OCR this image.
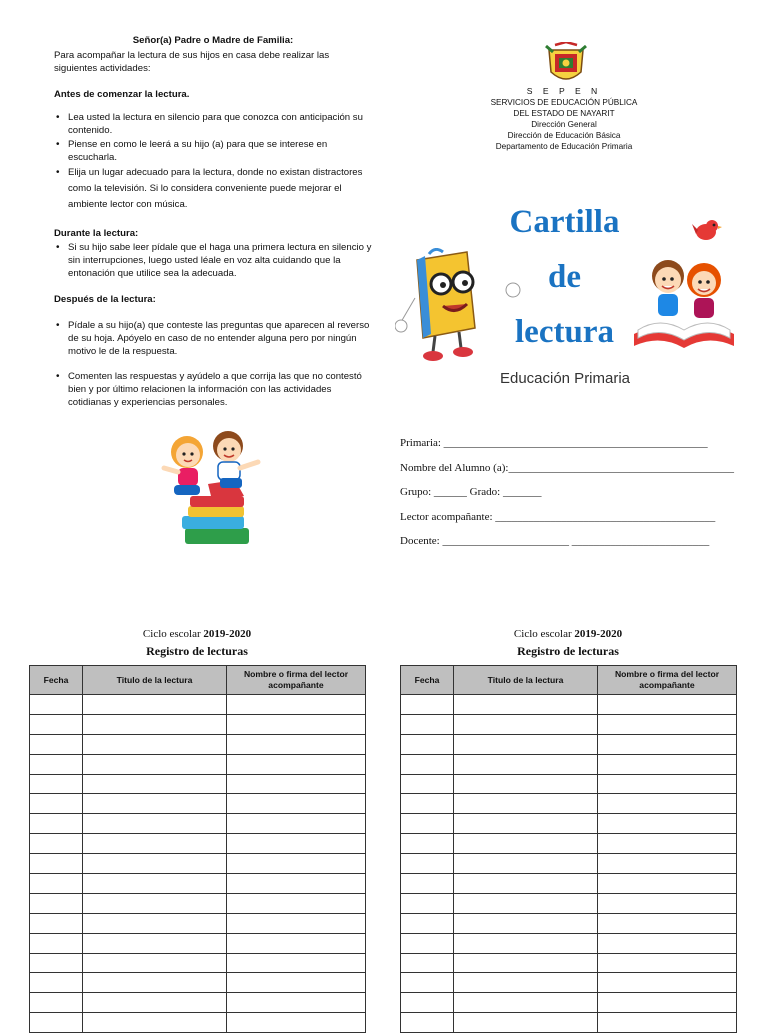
Señor(a) Padre o Madre de Familia:

Para acompañar la lectura de sus hijos en casa debe realizar las siguientes actividades:

Antes de comenzar la lectura.

• Lea usted la lectura en silencio para que conozca con anticipación su contenido.
• Piense en como le leerá a su hijo (a) para que se interese en escucharla.
• Elija un lugar adecuado para la lectura, donde no existan distractores como la televisión. Si lo considera conveniente puede mejorar el ambiente lector con música.

Durante la lectura:

• Si su hijo sabe leer pídale que el haga una primera lectura en silencio y sin interrupciones, luego usted léale en voz alta cuidando que la entonación que utilice sea la adecuada.

Después de la lectura:

• Pídale a su hijo(a) que conteste las preguntas que aparecen al reverso de su hoja. Apóyelo en caso de no entender alguna pero por ningún motivo le de la respuesta.
• Comenten las respuestas y ayúdelo a que corrija las que no contestó bien y por último relacionen la información con las actividades cotidianas y experiencias personales.
S E P E N
SERVICIOS DE EDUCACIÓN PÚBLICA
DEL ESTADO DE NAYARIT
Dirección General
Dirección de Educación Básica
Departamento de Educación Primaria
Cartilla
de
lectura
Educación Primaria
Primaria: ________________________________________________
Nombre del Alumno (a):_________________________________________
Grupo: ______ Grado: _______
Lector acompañante: ________________________________________
Docente: _______________________ _________________________
Ciclo escolar 2019-2020
Registro de lecturas
Fecha	Titulo de la lectura	Nombre o firma del lector acompañante

Ciclo escolar 2019-2020
Registro de lecturas
Fecha	Titulo de la lectura	Nombre o firma del lector acompañante
